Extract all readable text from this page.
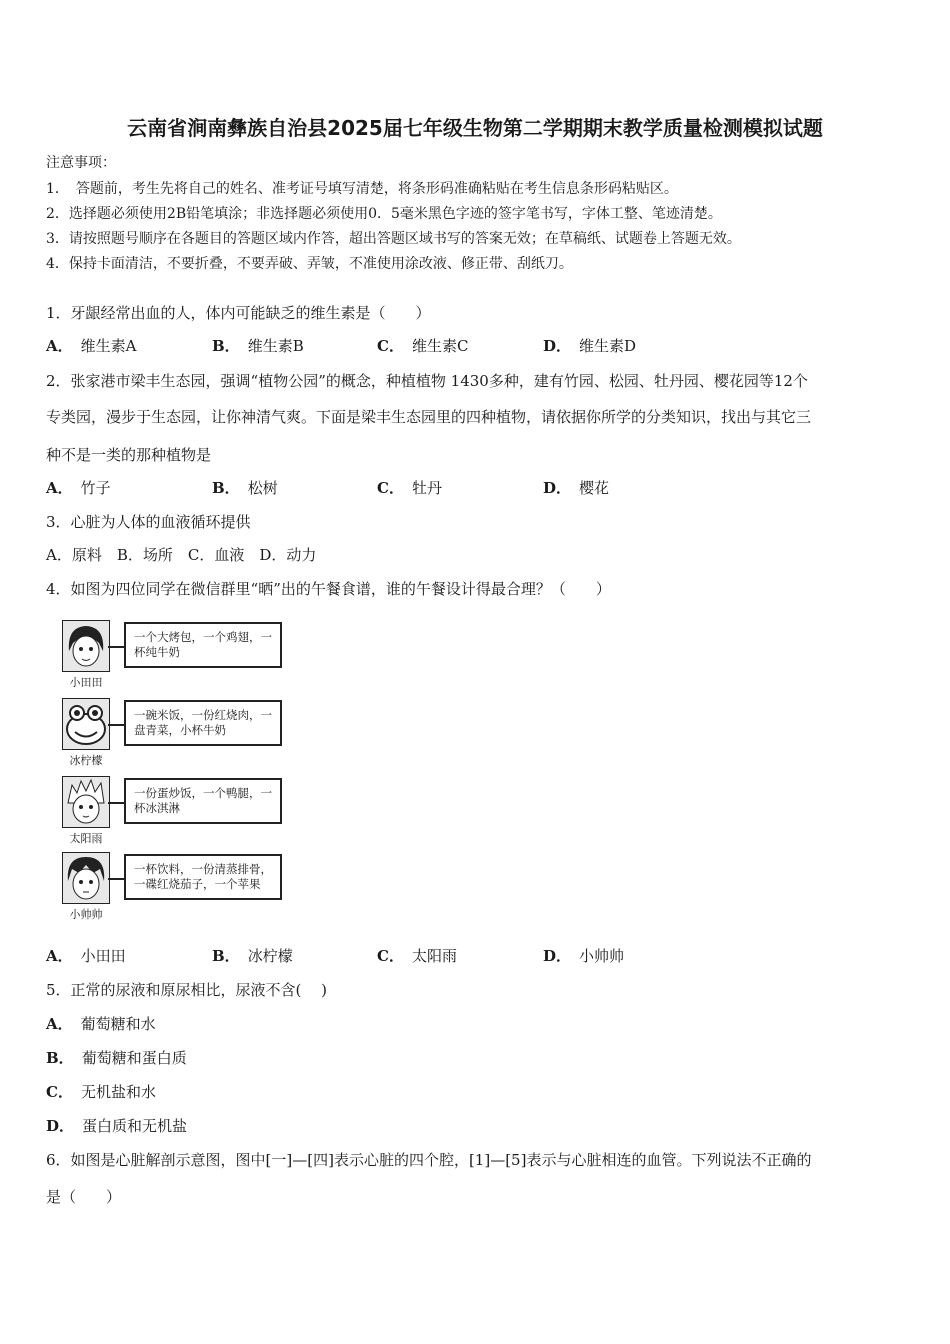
云南省涧南彝族自治县2025届七年级生物第二学期期末教学质量检测模拟试题
注意事项：
1．　答题前，考生先将自己的姓名、准考证号填写清楚，将条形码准确粘贴在考生信息条形码粘贴区。
2．选择题必须使用2B铅笔填涂；非选择题必须使用0．5毫米黑色字迹的签字笔书写，字体工整、笔迹清楚。
3．请按照题号顺序在各题目的答题区域内作答，超出答题区域书写的答案无效；在草稿纸、试题卷上答题无效。
4．保持卡面清洁，不要折叠，不要弄破、弄皱，不准使用涂改液、修正带、刮纸刀。
1．牙龈经常出血的人，体内可能缺乏的维生素是（　　）
A． 维生素A	B． 维生素B	C． 维生素C	D． 维生素D
2．张家港市梁丰生态园，强调“植物公园”的概念，种植植物 1430多种，建有竹园、松园、牡丹园、樱花园等12个
专类园，漫步于生态园，让你神清气爽。下面是梁丰生态园里的四种植物，请依据你所学的分类知识，找出与其它三
种不是一类的那种植物是
A． 竹子	B． 松树	C． 牡丹	D． 樱花
3．心脏为人体的血液循环提供
A．原料　B．场所　C．血液　D．动力
4．如图为四位同学在微信群里“晒”出的午餐食谱，谁的午餐设计得最合理？（　　）
小田田
一个大烤包，一个鸡翅，一杯纯牛奶
冰柠檬
一碗米饭，一份红烧肉，一盘青菜，小杯牛奶
太阳雨
一份蛋炒饭，一个鸭腿，一杯冰淇淋
小帅帅
一杯饮料，一份清蒸排骨，一碟红烧茄子，一个苹果
A． 小田田	B． 冰柠檬	C． 太阳雨	D． 小帅帅
5．正常的尿液和原尿相比，尿液不含(　 )
A． 葡萄糖和水
B． 葡萄糖和蛋白质
C． 无机盐和水
D． 蛋白质和无机盐
6．如图是心脏解剖示意图，图中[一]—[四]表示心脏的四个腔，[1]—[5]表示与心脏相连的血管。下列说法不正确的
是（　　）
